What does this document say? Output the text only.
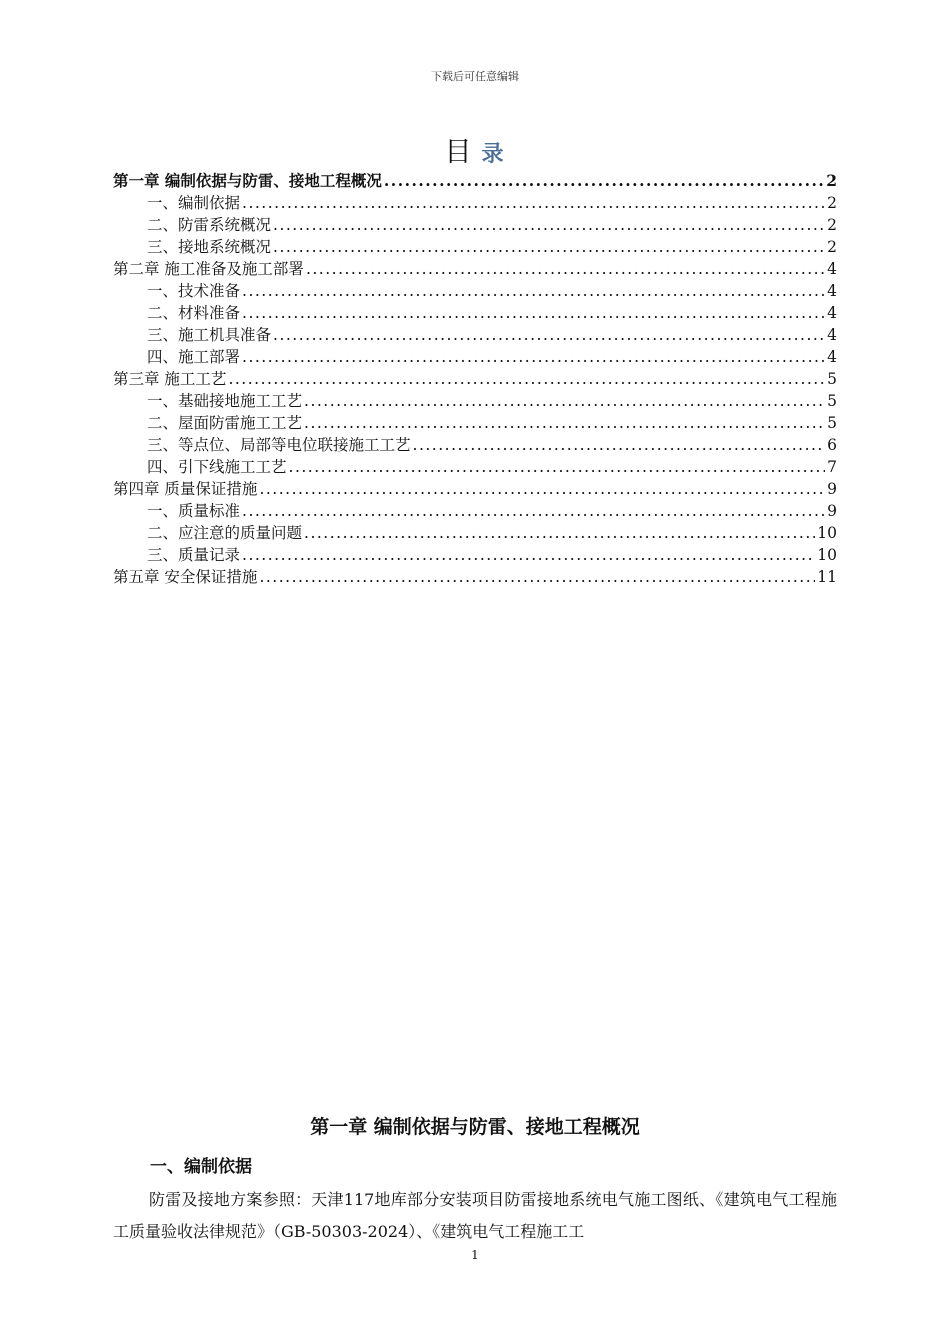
下载后可任意编辑
目 录
第一章 编制依据与防雷、接地工程概况 .....	2
一、编制依据 .....	2
二、防雷系统概况 .....	2
三、接地系统概况 .....	2
第二章 施工准备及施工部署 .....	4
一、技术准备 .....	4
二、材料准备 .....	4
三、施工机具准备 .....	4
四、施工部署 .....	4
第三章 施工工艺 .....	5
一、基础接地施工工艺 .....	5
二、屋面防雷施工工艺 .....	5
三、等点位、局部等电位联接施工工艺 .....	6
四、引下线施工工艺 .....	7
第四章 质量保证措施 .....	9
一、质量标准 .....	9
二、应注意的质量问题 .....	10
三、质量记录 .....	10
第五章 安全保证措施 .....	11
第一章 编制依据与防雷、接地工程概况
一、编制依据
防雷及接地方案参照：天津117地库部分安装项目防雷接地系统电气施工图纸、《建筑电气工程施工质量验收法律规范》（GB-50303-2024）、《建筑电气工程施工工
1
